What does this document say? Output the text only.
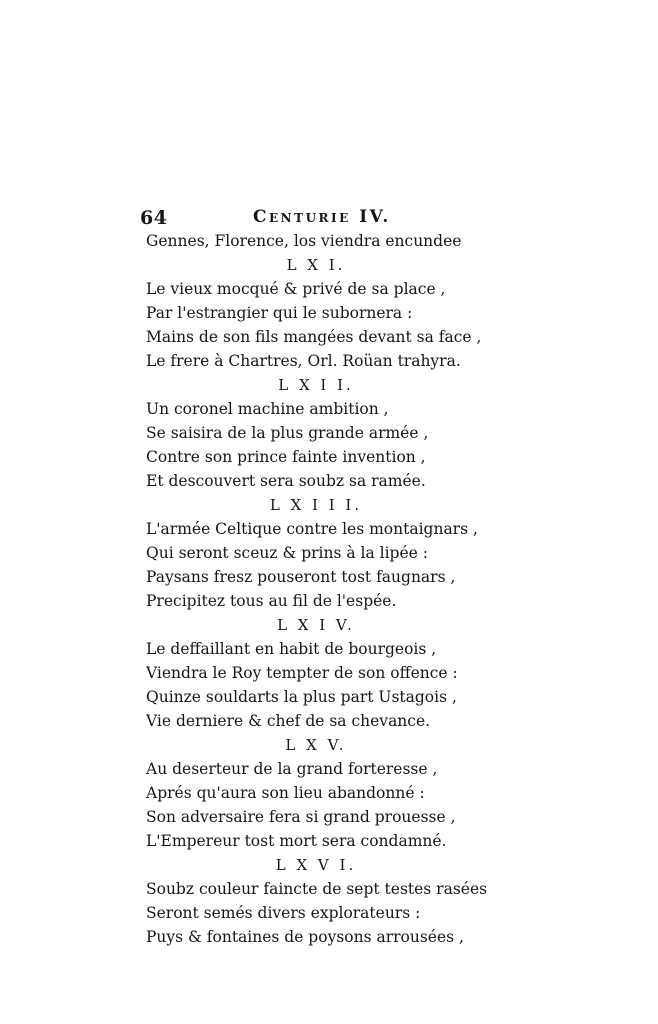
64	Centurie IV.
Gennes, Florence, los viendra encundee
L X I.
Le vieux mocqué & privé de sa place ,
Par l'estrangier qui le subornera :
Mains de son fils mangées devant sa face ,
Le frere à Chartres, Orl. Roüan trahyra.
L X I I.
Un coronel machine ambition ,
Se saisira de la plus grande armée ,
Contre son prince fainte invention ,
Et descouvert sera soubz sa ramée.
L X I I I.
L'armée Celtique contre les montaignars ,
Qui seront sceuz & prins à la lipée :
Paysans fresz pouseront tost faugnars ,
Precipitez tous au fil de l'espée.
L X I V.
Le deffaillant en habit de bourgeois ,
Viendra le Roy tempter de son offence :
Quinze souldarts la plus part Ustagois ,
Vie derniere & chef de sa chevance.
L X V.
Au deserteur de la grand forteresse ,
Aprés qu'aura son lieu abandonné :
Son adversaire fera si grand prouesse ,
L'Empereur tost mort sera condamné.
L X V I.
Soubz couleur faincte de sept testes rasées
Seront semés divers explorateurs :
Puys & fontaines de poysons arrousées ,
